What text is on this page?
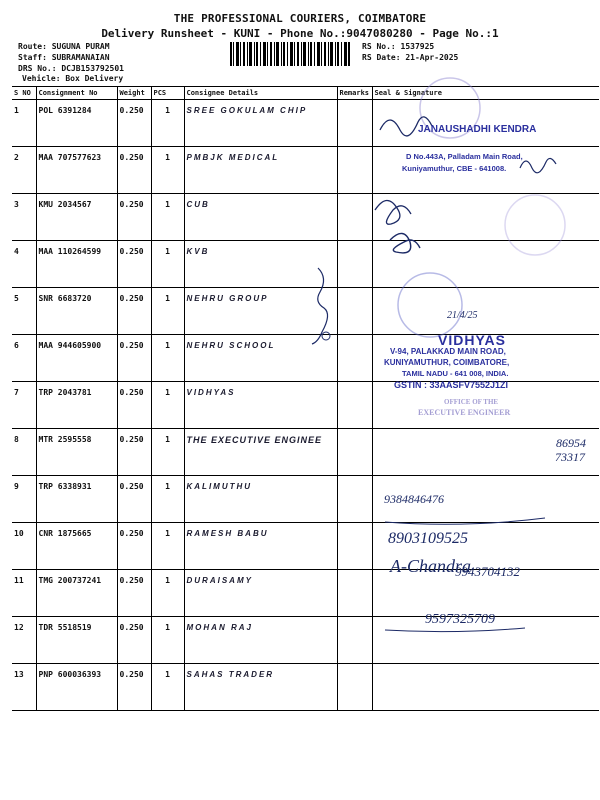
THE PROFESSIONAL COURIERS, COIMBATORE
Delivery Runsheet - KUNI - Phone No.:9047080280 - Page No.:1
Route: SUGUNA PURAM
Staff: SUBRAMANAIAN
DRS No.: DCJB153792501
Vehicle: Box Delivery
RS No.: 1537925
RS Date: 21-Apr-2025
S NO	Consignment No	Weight	PCS	Consignee Details	Remarks	Seal & Signature
1	POL 6391284	0.250	1	SREE GOKULAM CHIP		
2	MAA 707577623	0.250	1	PMBJK MEDICAL		
3	KMU 2034567	0.250	1	CUB		
4	MAA 110264599	0.250	1	KVB		
5	SNR 6683720	0.250	1	NEHRU GROUP		
6	MAA 944605900	0.250	1	NEHRU SCHOOL		
7	TRP 2043781	0.250	1	VIDHYAS		
8	MTR 2595558	0.250	1	THE EXECUTIVE ENGINEE		
9	TRP 6338931	0.250	1	KALIMUTHU		
10	CNR 1875665	0.250	1	RAMESH BABU		
11	TMG 200737241	0.250	1	DURAISAMY		
12	TDR 5518519	0.250	1	MOHAN RAJ		
13	PNP 600036393	0.250	1	SAHAS TRADER		
JANAUSHADHI KENDRA
D No.443A, Palladam Main Road,
Kuniyamuthur, CBE - 641008.
21/4/25
VIDHYAS
V-94, PALAKKAD MAIN ROAD,
KUNIYAMUTHUR, COIMBATORE,
TAMIL NADU - 641 008, INDIA.
GSTIN : 33AASFV7552J1ZI
OFFICE OF THE
EXECUTIVE ENGINEER
86954
73317
9384846476
8903109525
A-Chandra
9943704132
9597325709
